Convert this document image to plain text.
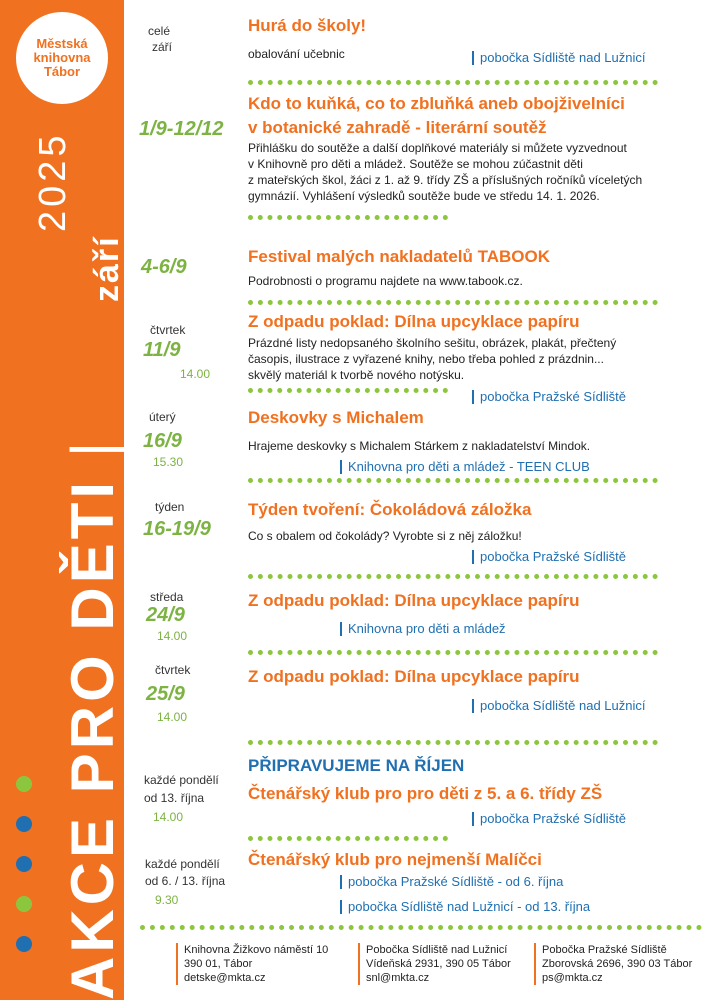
Městská
knihovna
Tábor
2025
září
AKCE PRO DĚTI |
celé
září
Hurá do školy!
obalování učebnic	pobočka Sídliště nad Lužnicí
1/9-12/12
Kdo to kuňká, co to zbluňká aneb obojživelníci
v botanické zahradě - literární soutěž
Přihlášku do soutěže a další doplňkové materiály si můžete vyzvednout
v Knihovně pro děti a mládež. Soutěže se mohou zúčastnit děti
z mateřských škol, žáci z 1. až 9. třídy ZŠ a příslušných ročníků víceletých
gymnázií. Vyhlášení výsledků soutěže bude ve středu 14. 1. 2026.
4-6/9	Festival malých nakladatelů TABOOK
Podrobnosti o programu najdete na www.tabook.cz.
čtvrtek
11/9
14.00
Z odpadu poklad: Dílna upcyklace papíru
Prázdné listy nedopsaného školního sešitu, obrázek, plakát, přečtený
časopis, ilustrace z vyřazené knihy, nebo třeba pohled z prázdnin...
skvělý materiál k tvorbě nového notýsku.
pobočka Pražské Sídliště
úterý
16/9
15.30
Deskovky s Michalem
Hrajeme deskovky s Michalem Stárkem z nakladatelství Mindok.
Knihovna pro děti a mládež - TEEN CLUB
týden
16-19/9
Týden tvoření: Čokoládová záložka
Co s obalem od čokolády? Vyrobte si z něj záložku!
pobočka Pražské Sídliště
středa
24/9
14.00
Z odpadu poklad: Dílna upcyklace papíru
Knihovna pro děti a mládež
čtvrtek
25/9
14.00
Z odpadu poklad: Dílna upcyklace papíru
pobočka Sídliště nad Lužnicí
každé pondělí
od 13. října
14.00
PŘIPRAVUJEME NA ŘÍJEN
Čtenářský klub pro pro děti z 5. a 6. třídy ZŠ
pobočka Pražské Sídliště
každé pondělí
od 6. / 13. října
9.30
Čtenářský klub pro nejmenší Malíčci
pobočka Pražské Sídliště - od 6. října
pobočka Sídliště nad Lužnicí - od 13. října
Knihovna Žižkovo náměstí 10
390 01, Tábor
detske@mkta.cz
Pobočka Sídliště nad Lužnicí
Vídeňská 2931, 390 05 Tábor
snl@mkta.cz
Pobočka Pražské Sídliště
Zborovská 2696, 390 03 Tábor
ps@mkta.cz
